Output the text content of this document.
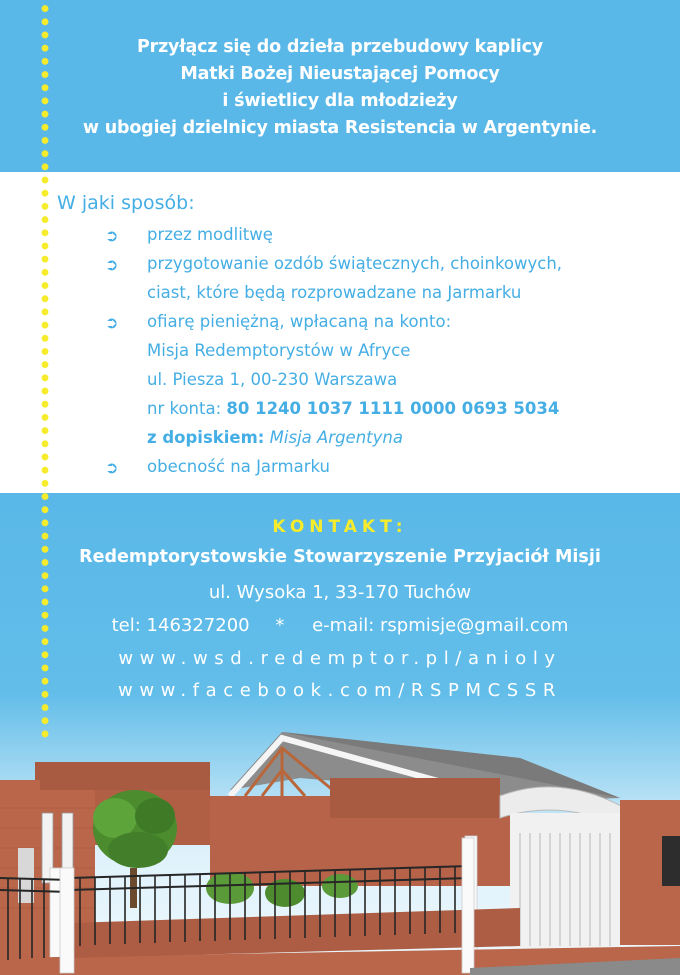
Przyłącz się do dzieła przebudowy kaplicy
Matki Bożej Nieustającej Pomocy
i świetlicy dla młodzieży
w ubogiej dzielnicy miasta Resistencia w Argentynie.
W jaki sposób:
➲ przez modlitwę
➲ przygotowanie ozdób świątecznych, choinkowych,
ciast, które będą rozprowadzane na Jarmarku
➲ ofiarę pieniężną, wpłacaną na konto:
Misja Redemptorystów w Afryce
ul. Piesza 1, 00-230 Warszawa
nr konta: 80 1240 1037 1111 0000 0693 5034
z dopiskiem: Misja Argentyna
➲ obecność na Jarmarku
KONTAKT:
Redemptorystowskie Stowarzyszenie Przyjaciół Misji
ul. Wysoka 1, 33-170 Tuchów
tel: 146327200 * e-mail: rspmisje@gmail.com
www.wsd.redemptor.pl/anioly
www.facebook.com/RSPMCSSR
